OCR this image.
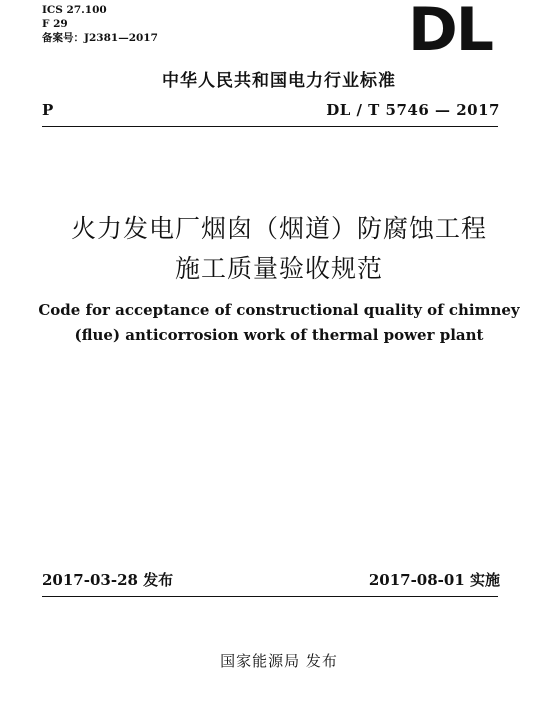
ICS 27.100
F 29
备案号：J2381—2017	DL
中华人民共和国电力行业标准
P	DL / T 5746 — 2017
火力发电厂烟囱（烟道）防腐蚀工程
施工质量验收规范
Code for acceptance of constructional quality of chimney
(flue) anticorrosion work of thermal power plant
2017-03-28 发布	2017-08-01 实施
国家能源局 发布
